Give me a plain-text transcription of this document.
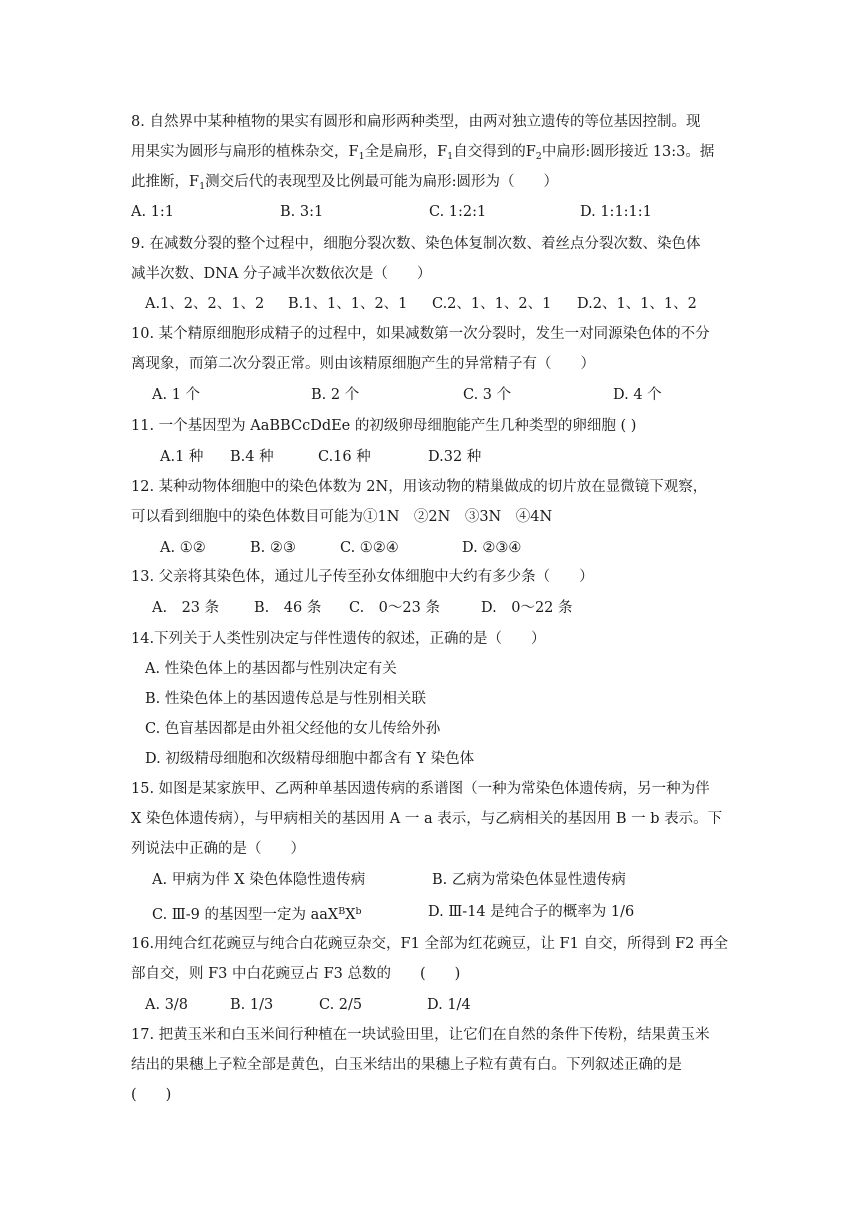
8. 自然界中某种植物的果实有圆形和扁形两种类型，由两对独立遗传的等位基因控制。现
用果实为圆形与扁形的植株杂交，$F_1$全是扁形，$F_1$自交得到的$F_2$中扁形:圆形接近 13:3。据
此推断，$F_1$测交后代的表现型及比例最可能为扁形:圆形为（　　）
A. 1:1	B. 3:1	C. 1:2:1	D. 1:1:1:1
9. 在减数分裂的整个过程中，细胞分裂次数、染色体复制次数、着丝点分裂次数、染色体
减半次数、DNA 分子减半次数依次是（　　）
A.1、2、2、1、2 B.1、1、1、2、1 C.2、1、1、2、1 D.2、1、1、1、2
10. 某个精原细胞形成精子的过程中，如果减数第一次分裂时，发生一对同源染色体的不分
离现象，而第二次分裂正常。则由该精原细胞产生的异常精子有（　　）
A. 1 个	B. 2 个	C. 3 个	D. 4 个
11. 一个基因型为 AaBBCcDdEe 的初级卵母细胞能产生几种类型的卵细胞 ( )
A.1 种 B.4 种	C.16 种	D.32 种
12. 某种动物体细胞中的染色体数为 2N，用该动物的精巢做成的切片放在显微镜下观察，
可以看到细胞中的染色体数目可能为①1N　②2N　③3N　④4N
A. ①②	B. ②③	C. ①②④	D. ②③④
13. 父亲将其染色体，通过儿子传至孙女体细胞中大约有多少条（　　）
A.　23 条 B.　46 条 C.　0～23 条	D.　0～22 条
14.下列关于人类性别决定与伴性遗传的叙述，正确的是（　　）
A. 性染色体上的基因都与性别决定有关
B. 性染色体上的基因遗传总是与性别相关联
C. 色盲基因都是由外祖父经他的女儿传给外孙
D. 初级精母细胞和次级精母细胞中都含有 Y 染色体
15. 如图是某家族甲、乙两种单基因遗传病的系谱图（一种为常染色体遗传病，另一种为伴
X 染色体遗传病），与甲病相关的基因用 A 一 a 表示，与乙病相关的基因用 B 一 b 表示。下
列说法中正确的是（　　）
A. 甲病为伴 X 染色体隐性遗传病	B. 乙病为常染色体显性遗传病
C. Ⅲ-9 的基因型一定为 $aaX^BX^b$	D. Ⅲ-14 是纯合子的概率为 1/6
16.用纯合红花豌豆与纯合白花豌豆杂交，F1 全部为红花豌豆，让 F1 自交，所得到 F2 再全
部自交，则 F3 中白花豌豆占 F3 总数的　　(　　)
A. 3/8	B. 1/3	C. 2/5	D. 1/4
17. 把黄玉米和白玉米间行种植在一块试验田里，让它们在自然的条件下传粉，结果黄玉米
结出的果穗上子粒全部是黄色，白玉米结出的果穗上子粒有黄有白。下列叙述正确的是
(　　)
